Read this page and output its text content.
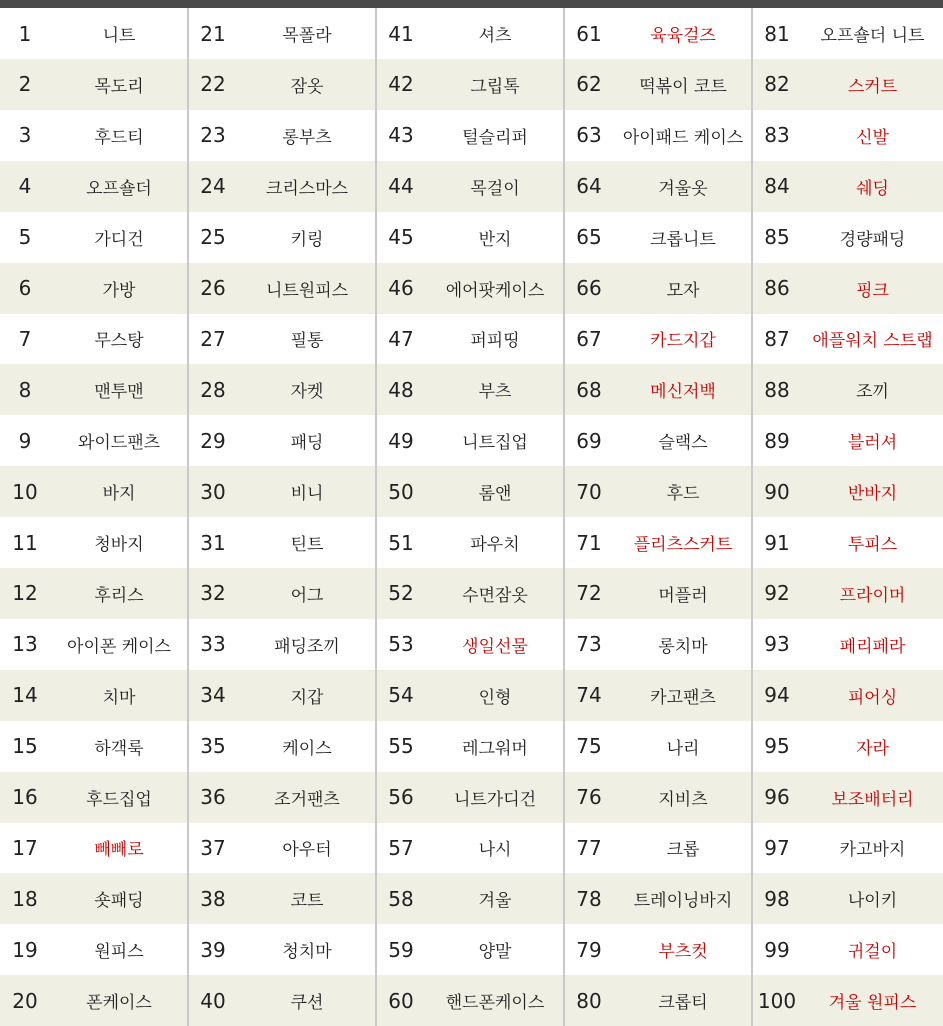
1	니트	21	목폴라	41	셔츠	61	육육걸즈	81	오프숄더 니트
2	목도리	22	잠옷	42	그립톡	62	떡볶이 코트	82	스커트
3	후드티	23	롱부츠	43	털슬리퍼	63	아이패드 케이스	83	신발
4	오프숄더	24	크리스마스	44	목걸이	64	겨울옷	84	쉐딩
5	가디건	25	키링	45	반지	65	크롭니트	85	경량패딩
6	가방	26	니트원피스	46	에어팟케이스	66	모자	86	핑크
7	무스탕	27	필통	47	퍼피띵	67	카드지갑	87	애플워치 스트랩
8	맨투맨	28	자켓	48	부츠	68	메신저백	88	조끼
9	와이드팬츠	29	패딩	49	니트집업	69	슬랙스	89	블러셔
10	바지	30	비니	50	롬앤	70	후드	90	반바지
11	청바지	31	틴트	51	파우치	71	플리츠스커트	91	투피스
12	후리스	32	어그	52	수면잠옷	72	머플러	92	프라이머
13	아이폰 케이스	33	패딩조끼	53	생일선물	73	롱치마	93	페리페라
14	치마	34	지갑	54	인형	74	카고팬츠	94	피어싱
15	하객룩	35	케이스	55	레그워머	75	나리	95	자라
16	후드집업	36	조거팬츠	56	니트가디건	76	지비츠	96	보조배터리
17	빼빼로	37	아우터	57	나시	77	크롭	97	카고바지
18	숏패딩	38	코트	58	겨울	78	트레이닝바지	98	나이키
19	원피스	39	청치마	59	양말	79	부츠컷	99	귀걸이
20	폰케이스	40	쿠션	60	핸드폰케이스	80	크롭티	100	겨울 원피스
